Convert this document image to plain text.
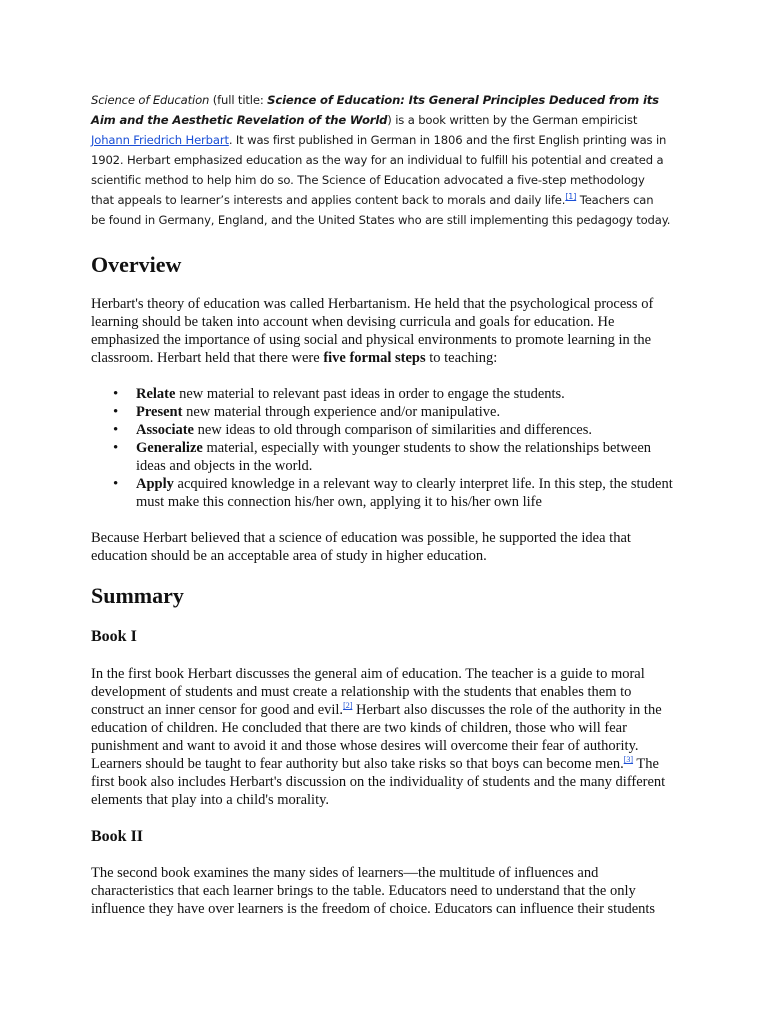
Science of Education (full title: Science of Education: Its General Principles Deduced from its Aim and the Aesthetic Revelation of the World) is a book written by the German empiricist Johann Friedrich Herbart. It was first published in German in 1806 and the first English printing was in 1902. Herbart emphasized education as the way for an individual to fulfill his potential and created a scientific method to help him do so. The Science of Education advocated a five-step methodology that appeals to learner’s interests and applies content back to morals and daily life.[1] Teachers can be found in Germany, England, and the United States who are still implementing this pedagogy today.

Overview

Herbart's theory of education was called Herbartanism. He held that the psychological process of learning should be taken into account when devising curricula and goals for education. He emphasized the importance of using social and physical environments to promote learning in the classroom. Herbart held that there were five formal steps to teaching:

• Relate new material to relevant past ideas in order to engage the students.
• Present new material through experience and/or manipulative.
• Associate new ideas to old through comparison of similarities and differences.
• Generalize material, especially with younger students to show the relationships between ideas and objects in the world.
• Apply acquired knowledge in a relevant way to clearly interpret life. In this step, the student must make this connection his/her own, applying it to his/her own life

Because Herbart believed that a science of education was possible, he supported the idea that education should be an acceptable area of study in higher education.

Summary
Book I

In the first book Herbart discusses the general aim of education. The teacher is a guide to moral development of students and must create a relationship with the students that enables them to construct an inner censor for good and evil.[2] Herbart also discusses the role of the authority in the education of children. He concluded that there are two kinds of children, those who will fear punishment and want to avoid it and those whose desires will overcome their fear of authority. Learners should be taught to fear authority but also take risks so that boys can become men.[3] The first book also includes Herbart's discussion on the individuality of students and the many different elements that play into a child's morality.

Book II

The second book examines the many sides of learners—the multitude of influences and characteristics that each learner brings to the table. Educators need to understand that the only influence they have over learners is the freedom of choice. Educators can influence their students
